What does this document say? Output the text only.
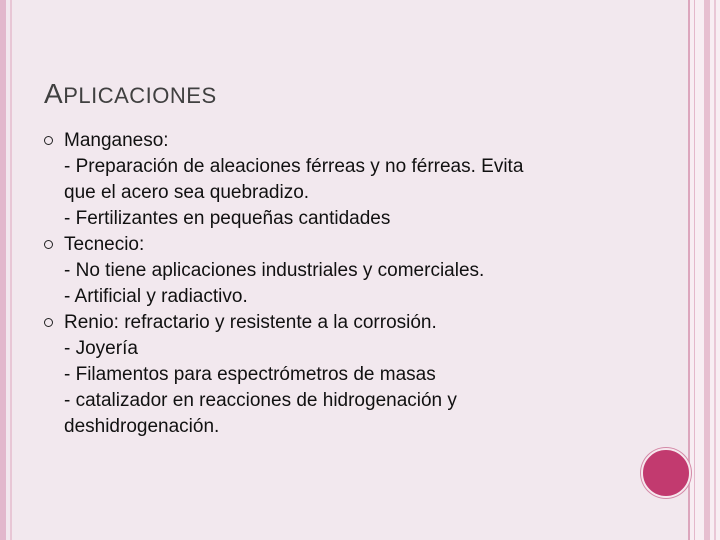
APLICACIONES
Manganeso:
- Preparación de aleaciones férreas y no férreas. Evita
que el acero sea quebradizo.
- Fertilizantes en pequeñas cantidades
Tecnecio:
- No tiene aplicaciones industriales y comerciales.
- Artificial y radiactivo.
Renio: refractario y resistente a la corrosión.
- Joyería
- Filamentos para espectrómetros de masas
- catalizador en reacciones de hidrogenación y
deshidrogenación.
